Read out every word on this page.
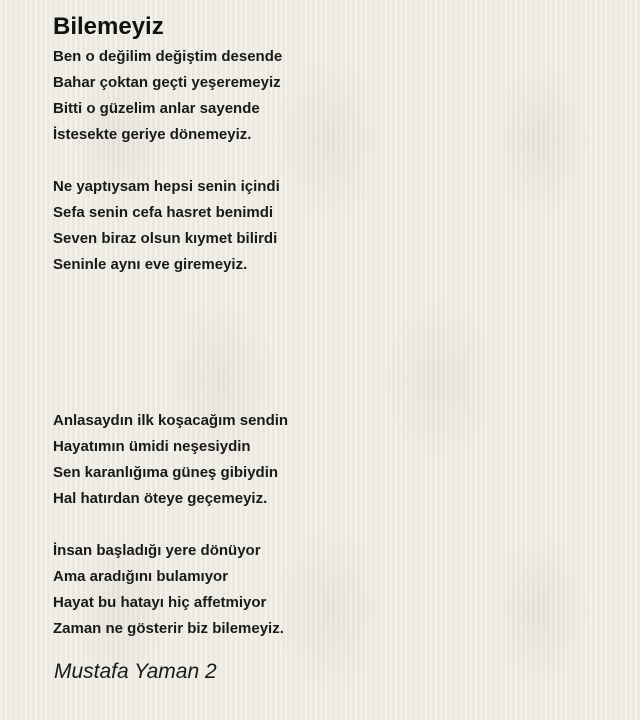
Bilemeyiz
Ben o değilim değiştim desende
Bahar çoktan geçti yeşeremeyiz
Bitti o güzelim anlar sayende
İstesekte geriye dönemeyiz.
Ne yaptıysam hepsi senin içindi
Sefa senin cefa hasret benimdi
Seven biraz olsun kıymet bilirdi
Seninle aynı eve giremeyiz.
Anlasaydın ilk koşacağım sendin
Hayatımın ümidi neşesiydin
Sen karanlığıma güneş gibiydin
Hal hatırdan öteye geçemeyiz.
İnsan başladığı yere dönüyor
Ama aradığını bulamıyor
Hayat bu hatayı hiç affetmiyor
Zaman ne gösterir biz bilemeyiz.
Mustafa Yaman 2
